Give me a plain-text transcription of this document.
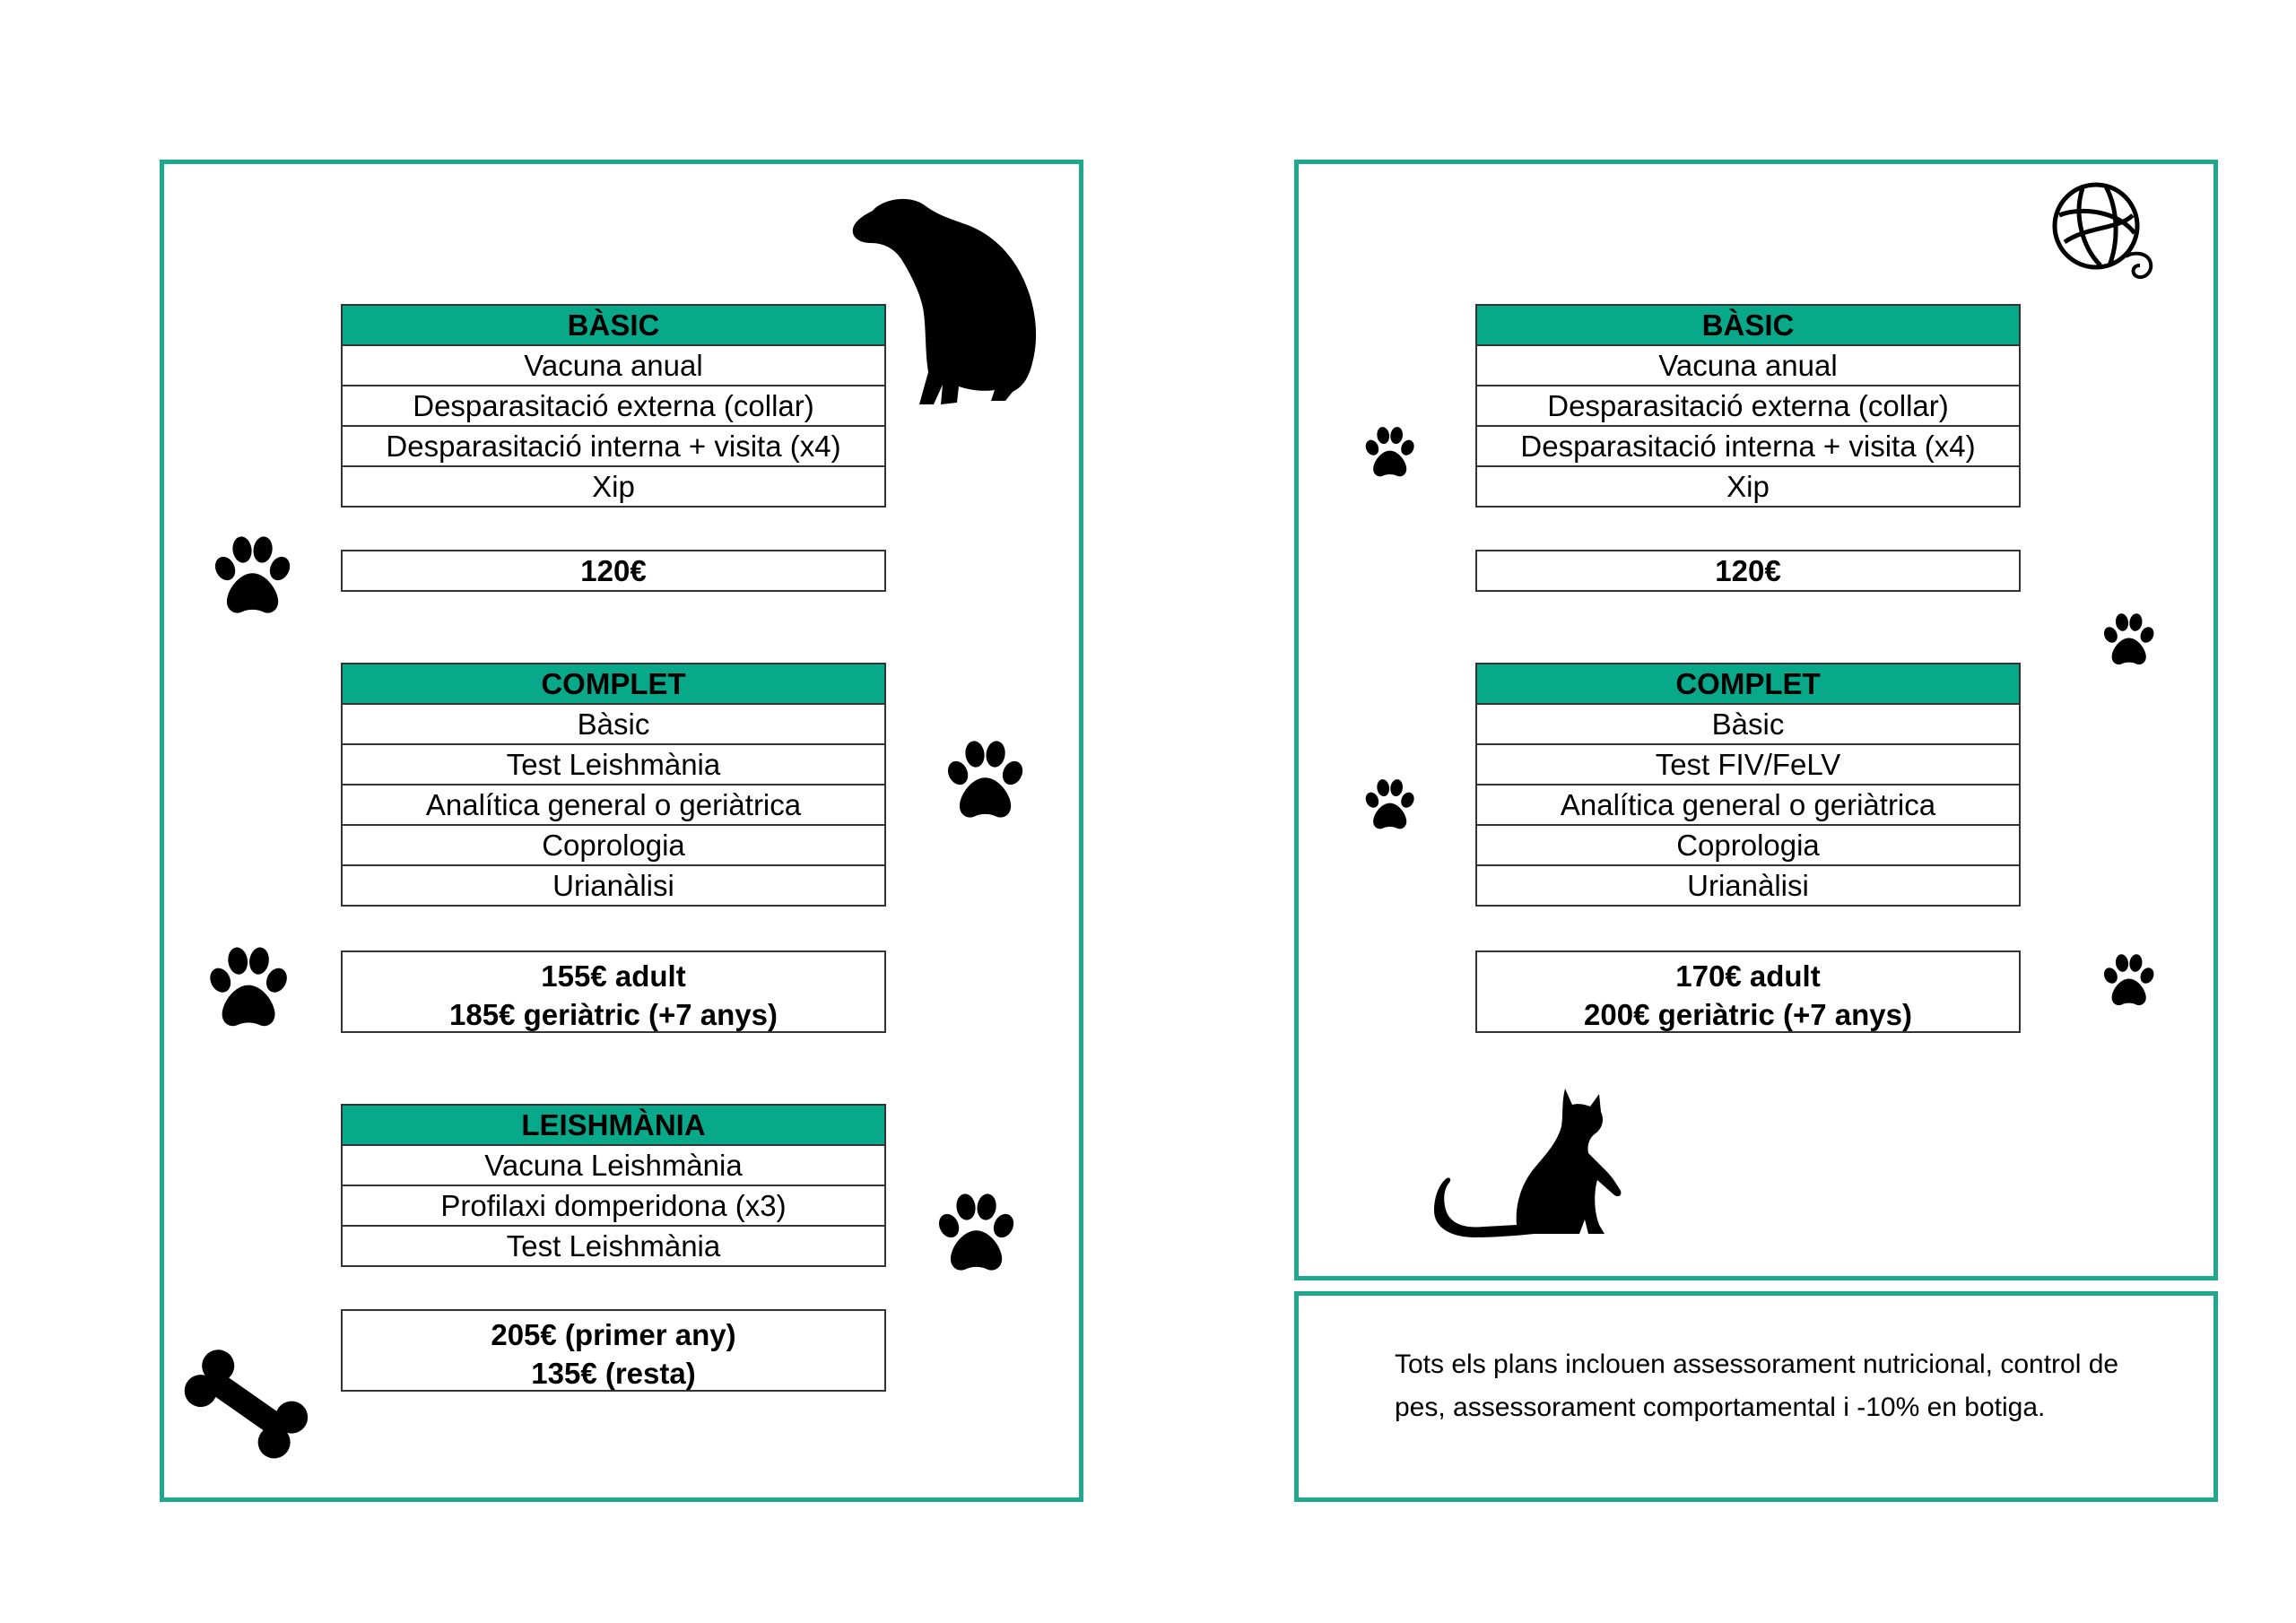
BÀSIC
Vacuna anual
Desparasitació externa (collar)
Desparasitació interna + visita (x4)
Xip
120€
COMPLET
Bàsic
Test Leishmània
Analítica general o geriàtrica
Coprologia
Urianàlisi
155€ adult
185€ geriàtric (+7 anys)
LEISHMÀNIA
Vacuna Leishmània
Profilaxi domperidona (x3)
Test Leishmània
205€ (primer any)
135€ (resta)
BÀSIC
Vacuna anual
Desparasitació externa (collar)
Desparasitació interna + visita (x4)
Xip
120€
COMPLET
Bàsic
Test FIV/FeLV
Analítica general o geriàtrica
Coprologia
Urianàlisi
170€ adult
200€ geriàtric (+7 anys)
Tots els plans inclouen assessorament nutricional, control de pes, assessorament comportamental i -10% en botiga.
